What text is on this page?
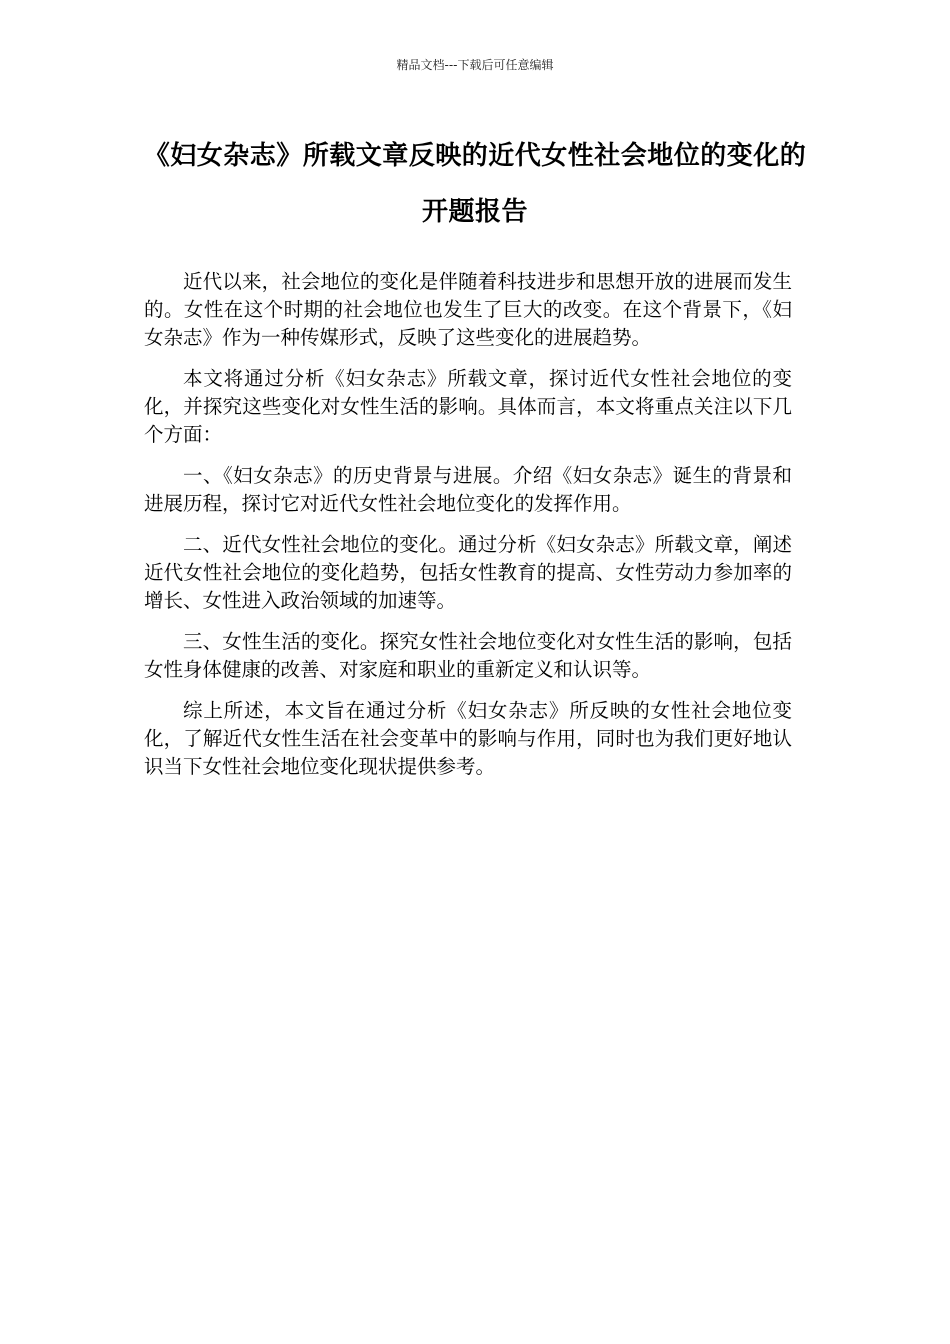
精品文档---下载后可任意编辑
《妇女杂志》所载文章反映的近代女性社会地位的变化的开题报告

近代以来，社会地位的变化是伴随着科技进步和思想开放的进展而发生的。女性在这个时期的社会地位也发生了巨大的改变。在这个背景下，《妇女杂志》作为一种传媒形式，反映了这些变化的进展趋势。

本文将通过分析《妇女杂志》所载文章，探讨近代女性社会地位的变化，并探究这些变化对女性生活的影响。具体而言，本文将重点关注以下几个方面：

一、《妇女杂志》的历史背景与进展。介绍《妇女杂志》诞生的背景和进展历程，探讨它对近代女性社会地位变化的发挥作用。

二、近代女性社会地位的变化。通过分析《妇女杂志》所载文章，阐述近代女性社会地位的变化趋势，包括女性教育的提高、女性劳动力参加率的增长、女性进入政治领域的加速等。

三、女性生活的变化。探究女性社会地位变化对女性生活的影响，包括女性身体健康的改善、对家庭和职业的重新定义和认识等。

综上所述，本文旨在通过分析《妇女杂志》所反映的女性社会地位变化，了解近代女性生活在社会变革中的影响与作用，同时也为我们更好地认识当下女性社会地位变化现状提供参考。
